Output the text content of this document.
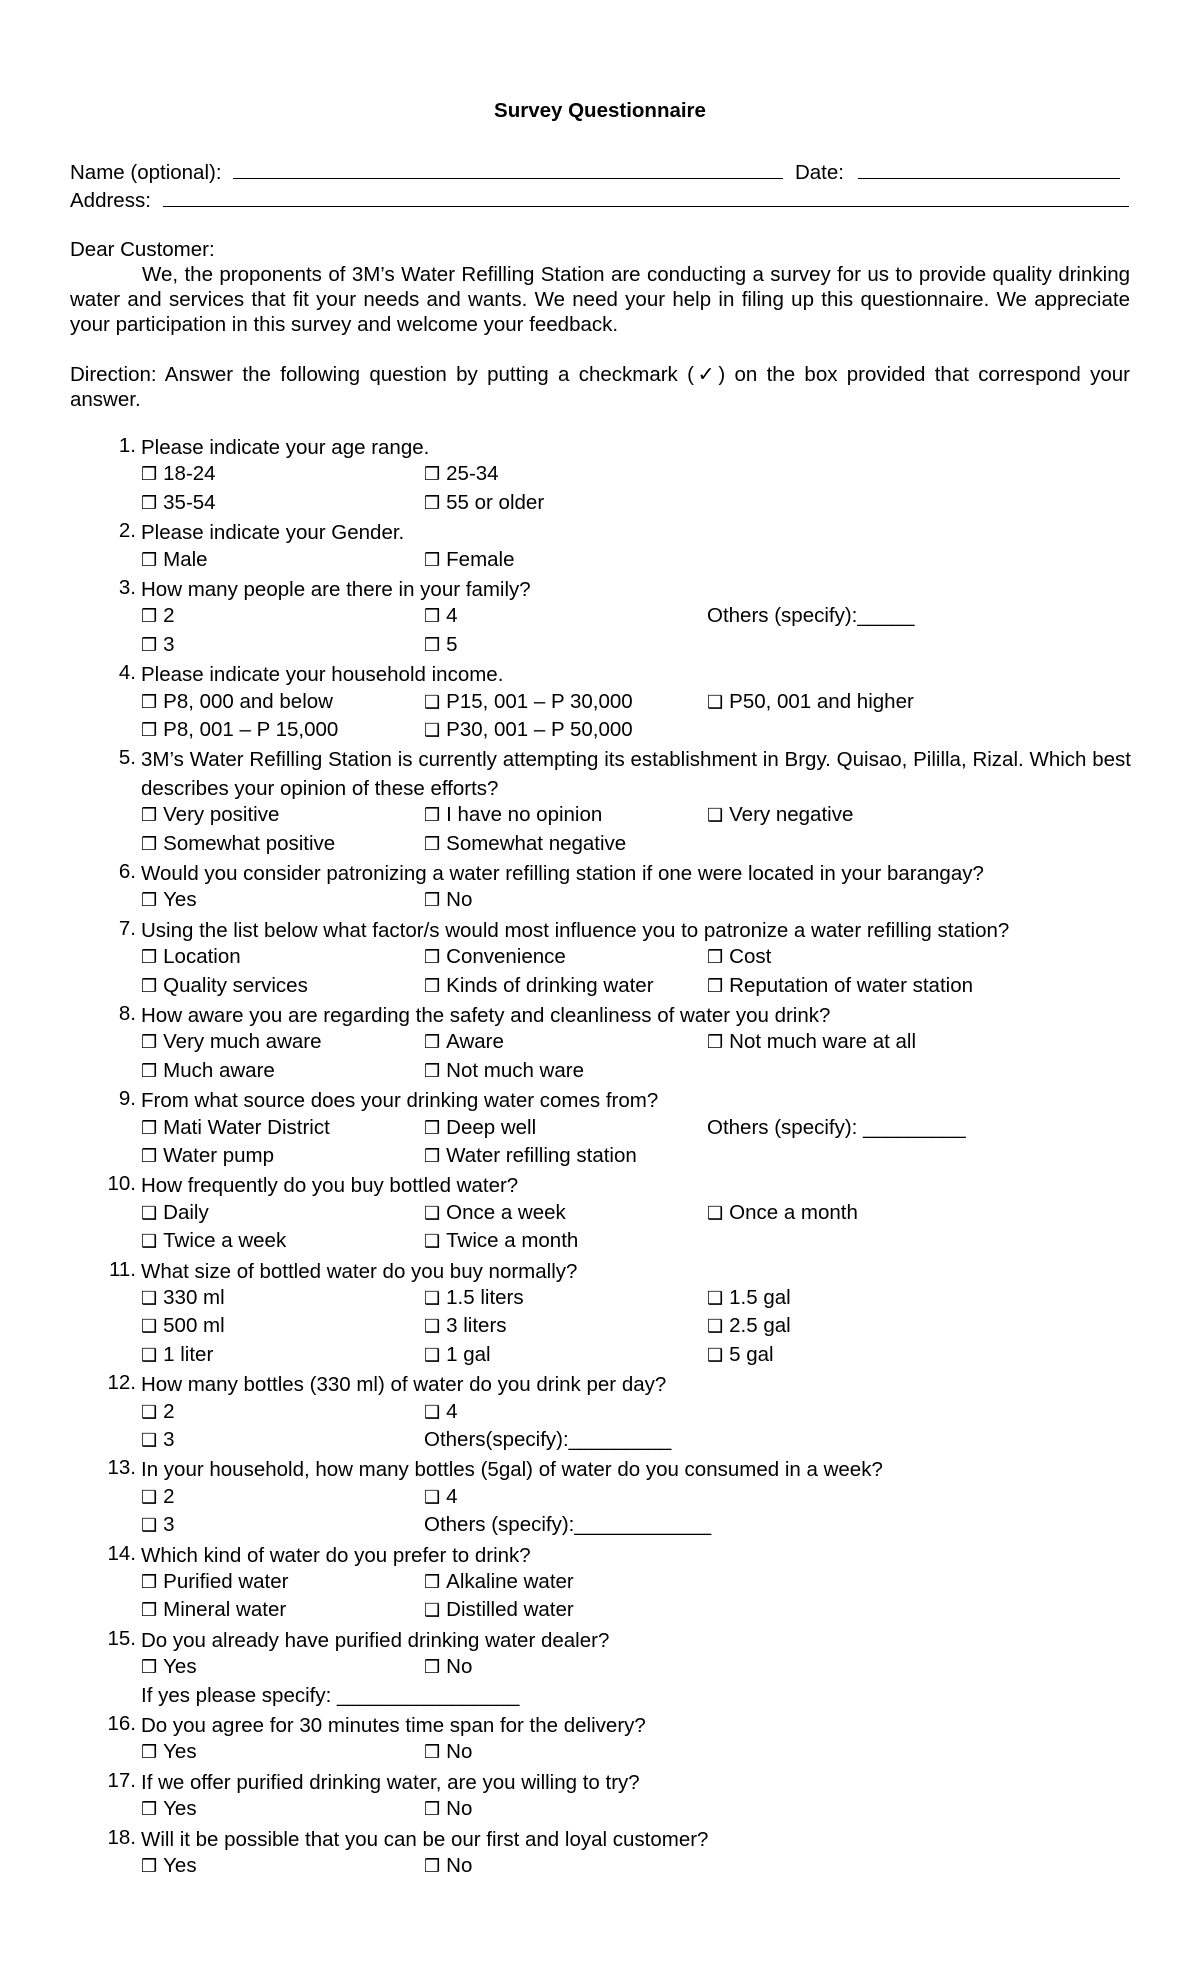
Survey Questionnaire
Name (optional):	Date:
Address:
Dear Customer:
We, the proponents of 3M’s Water Refilling Station are conducting a survey for us to provide quality drinking water and services that fit your needs and wants. We need your help in filing up this questionnaire. We appreciate your participation in this survey and welcome your feedback.
Direction: Answer the following question by putting a checkmark (✓) on the box provided that correspond your answer.
1. Please indicate your age range.
❒ 18-24	❒ 25-34
❒ 35-54	❒ 55 or older
2. Please indicate your Gender.
❒ Male	❒ Female
3. How many people are there in your family?
❒ 2	❒ 4
❒ 3	❒ 5
Others (specify):_____
4. Please indicate your household income.
❒ P8, 000 and below	❑ P15, 001 – P 30,000	❑ P50, 001 and higher
❒ P8, 001 – P 15,000	❑ P30, 001 – P 50,000
5. 3M’s Water Refilling Station is currently attempting its establishment in Brgy. Quisao, Pililla, Rizal. Which best describes your opinion of these efforts?
❒ Very positive	❒ I have no opinion	❑ Very negative
❒ Somewhat positive	❒ Somewhat negative
6. Would you consider patronizing a water refilling station if one were located in your barangay?
❒ Yes	❒ No
7. Using the list below what factor/s would most influence you to patronize a water refilling station?
❒ Location	❒ Convenience	❒ Cost
❒ Quality services	❒ Kinds of drinking water	❒ Reputation of water station
8. How aware you are regarding the safety and cleanliness of water you drink?
❒ Very much aware	❒ Aware	❒ Not much ware at all
❒ Much aware	❒ Not much ware
9. From what source does your drinking water comes from?
❒ Mati Water District	❒ Deep well
❒ Water pump	❒ Water refilling station
Others (specify): _________
10. How frequently do you buy bottled water?
❑ Daily	❑ Once a week	❑ Once a month
❑ Twice a week	❑ Twice a month
11. What size of bottled water do you buy normally?
❑ 330 ml	❑ 1.5 liters	❑ 1.5 gal
❑ 500 ml	❑ 3 liters	❑ 2.5 gal
❑ 1 liter	❑ 1 gal	❑ 5 gal
12. How many bottles (330 ml) of water do you drink per day?
❑ 2	❑ 4
❑ 3	Others(specify):_________
13. In your household, how many bottles (5gal) of water do you consumed in a week?
❑ 2	❑ 4
❑ 3	Others (specify):____________
14. Which kind of water do you prefer to drink?
❒ Purified water	❒ Alkaline water
❒ Mineral water	❑ Distilled water
15. Do you already have purified drinking water dealer?
❒ Yes	❒ No
If yes please specify: ________________
16. Do you agree for 30 minutes time span for the delivery?
❒ Yes	❒ No
17. If we offer purified drinking water, are you willing to try?
❒ Yes	❒ No
18. Will it be possible that you can be our first and loyal customer?
❒ Yes	❒ No
